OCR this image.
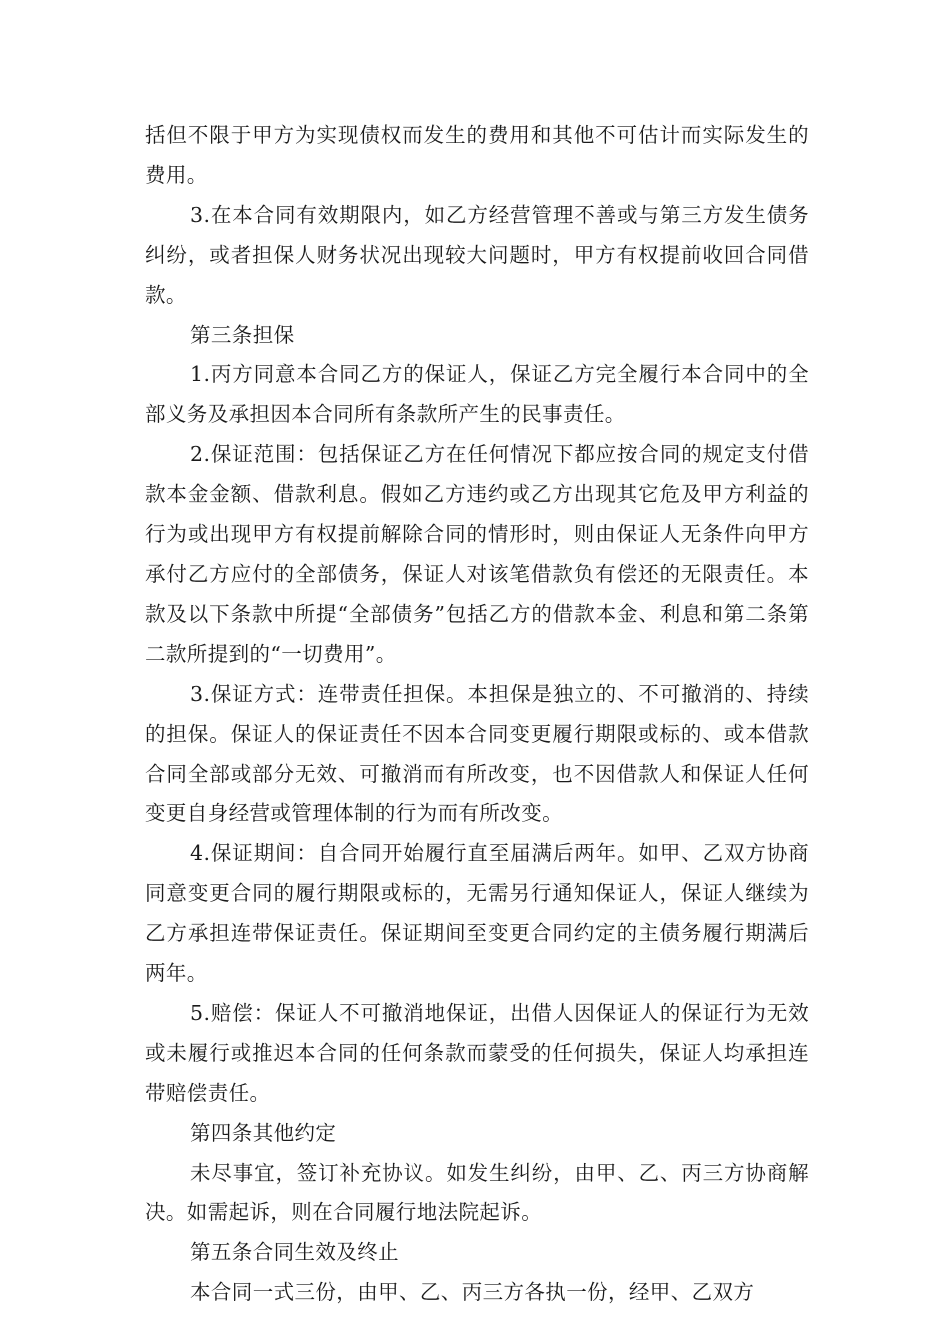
括但不限于甲方为实现债权而发生的费用和其他不可估计而实际发生的费用。

3.在本合同有效期限内，如乙方经营管理不善或与第三方发生债务纠纷，或者担保人财务状况出现较大问题时，甲方有权提前收回合同借款。

第三条担保

1.丙方同意本合同乙方的保证人，保证乙方完全履行本合同中的全部义务及承担因本合同所有条款所产生的民事责任。

2.保证范围：包括保证乙方在任何情况下都应按合同的规定支付借款本金金额、借款利息。假如乙方违约或乙方出现其它危及甲方利益的行为或出现甲方有权提前解除合同的情形时，则由保证人无条件向甲方承付乙方应付的全部债务，保证人对该笔借款负有偿还的无限责任。本款及以下条款中所提“全部债务”包括乙方的借款本金、利息和第二条第二款所提到的“一切费用”。

3.保证方式：连带责任担保。本担保是独立的、不可撤消的、持续的担保。保证人的保证责任不因本合同变更履行期限或标的、或本借款合同全部或部分无效、可撤消而有所改变，也不因借款人和保证人任何变更自身经营或管理体制的行为而有所改变。

4.保证期间：自合同开始履行直至届满后两年。如甲、乙双方协商同意变更合同的履行期限或标的，无需另行通知保证人，保证人继续为乙方承担连带保证责任。保证期间至变更合同约定的主债务履行期满后两年。

5.赔偿：保证人不可撤消地保证，出借人因保证人的保证行为无效或未履行或推迟本合同的任何条款而蒙受的任何损失，保证人均承担连带赔偿责任。

第四条其他约定

未尽事宜，签订补充协议。如发生纠纷，由甲、乙、丙三方协商解决。如需起诉，则在合同履行地法院起诉。

第五条合同生效及终止

本合同一式三份，由甲、乙、丙三方各执一份，经甲、乙双方
